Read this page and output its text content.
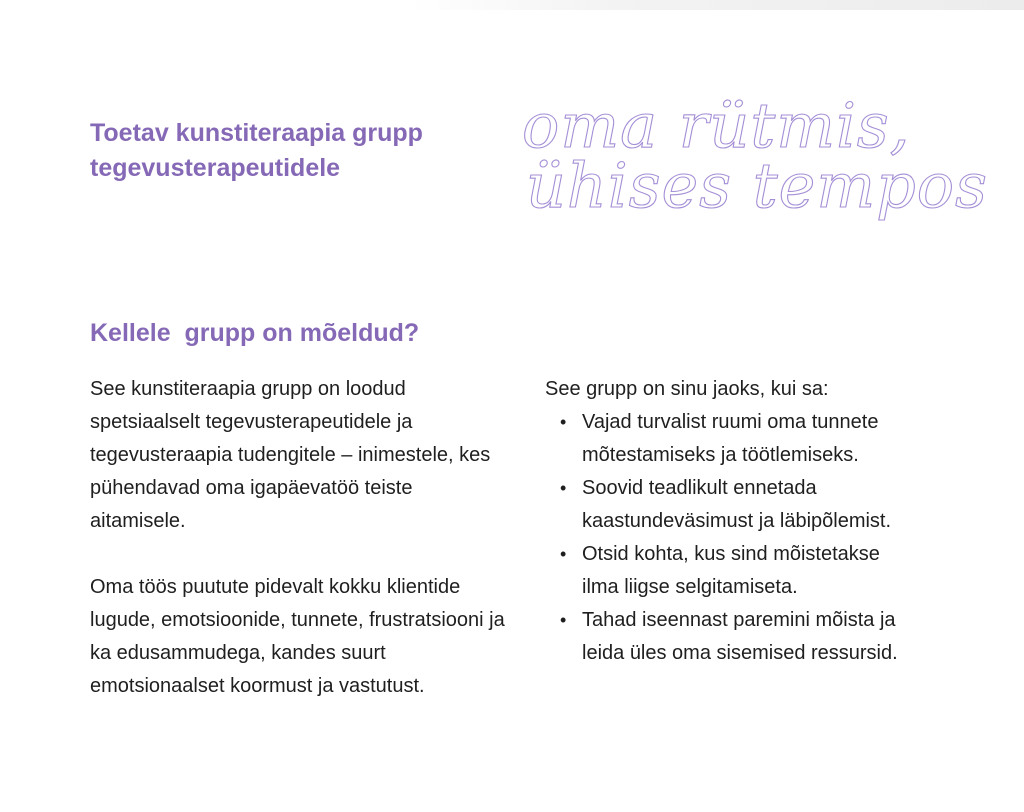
Toetav kunstiteraapia grupp
tegevusterapeutidele
oma rütmis,
ühises tempos
Kellele  grupp on mõeldud?

See kunstiteraapia grupp on loodud spetsiaalselt tegevusterapeutidele ja tegevusteraapia tudengitele – inimestele, kes pühendavad oma igapäevatöö teiste aitamisele.

Oma töös puutute pidevalt kokku klientide lugude, emotsioonide, tunnete, frustratsiooni ja ka edusammudega, kandes suurt emotsionaalset koormust ja vastutust.

See grupp on sinu jaoks, kui sa:

• Vajad turvalist ruumi oma tunnete mõtestamiseks ja töötlemiseks.
• Soovid teadlikult ennetada kaastundeväsimust ja läbipõlemist.
• Otsid kohta, kus sind mõistetakse ilma liigse selgitamiseta.
• Tahad iseennast paremini mõista ja leida üles oma sisemised ressursid.
